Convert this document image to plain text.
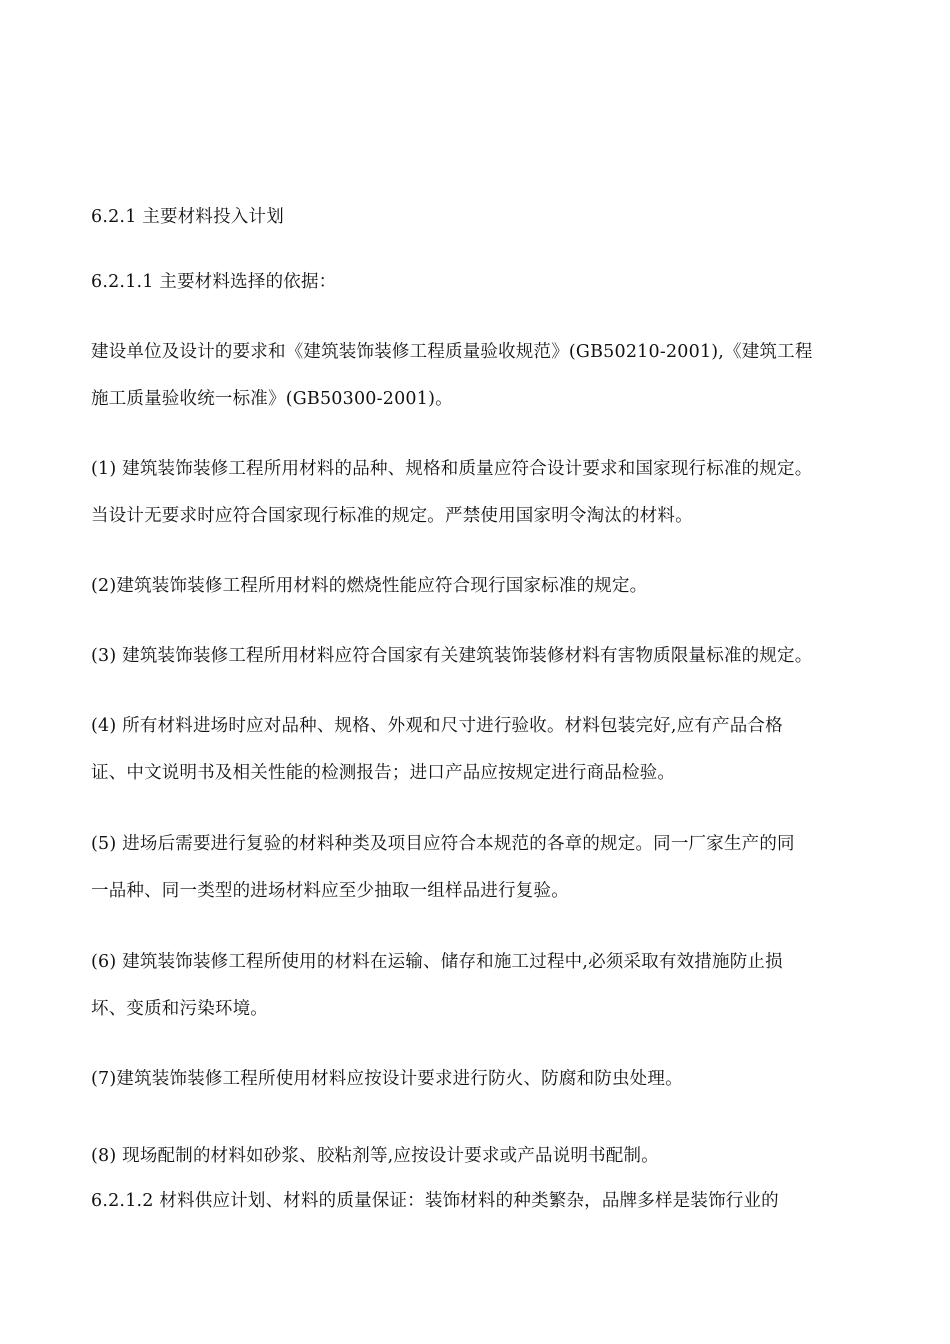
6.2.1 主要材料投入计划
6.2.1.1 主要材料选择的依据：
建设单位及设计的要求和《建筑装饰装修工程质量验收规范》(GB50210-2001),《建筑工程
施工质量验收统一标准》(GB50300-2001)。
(1) 建筑装饰装修工程所用材料的品种、规格和质量应符合设计要求和国家现行标准的规定。
当设计无要求时应符合国家现行标准的规定。严禁使用国家明令淘汰的材料。
(2)建筑装饰装修工程所用材料的燃烧性能应符合现行国家标准的规定。
(3) 建筑装饰装修工程所用材料应符合国家有关建筑装饰装修材料有害物质限量标准的规定。
(4) 所有材料进场时应对品种、规格、外观和尺寸进行验收。材料包装完好,应有产品合格
证、中文说明书及相关性能的检测报告；进口产品应按规定进行商品检验。
(5) 进场后需要进行复验的材料种类及项目应符合本规范的各章的规定。同一厂家生产的同
一品种、同一类型的进场材料应至少抽取一组样品进行复验。
(6) 建筑装饰装修工程所使用的材料在运输、储存和施工过程中,必须采取有效措施防止损
坏、变质和污染环境。
(7)建筑装饰装修工程所使用材料应按设计要求进行防火、防腐和防虫处理。
(8) 现场配制的材料如砂浆、胶粘剂等,应按设计要求或产品说明书配制。
6.2.1.2 材料供应计划、材料的质量保证：装饰材料的种类繁杂，品牌多样是装饰行业的
